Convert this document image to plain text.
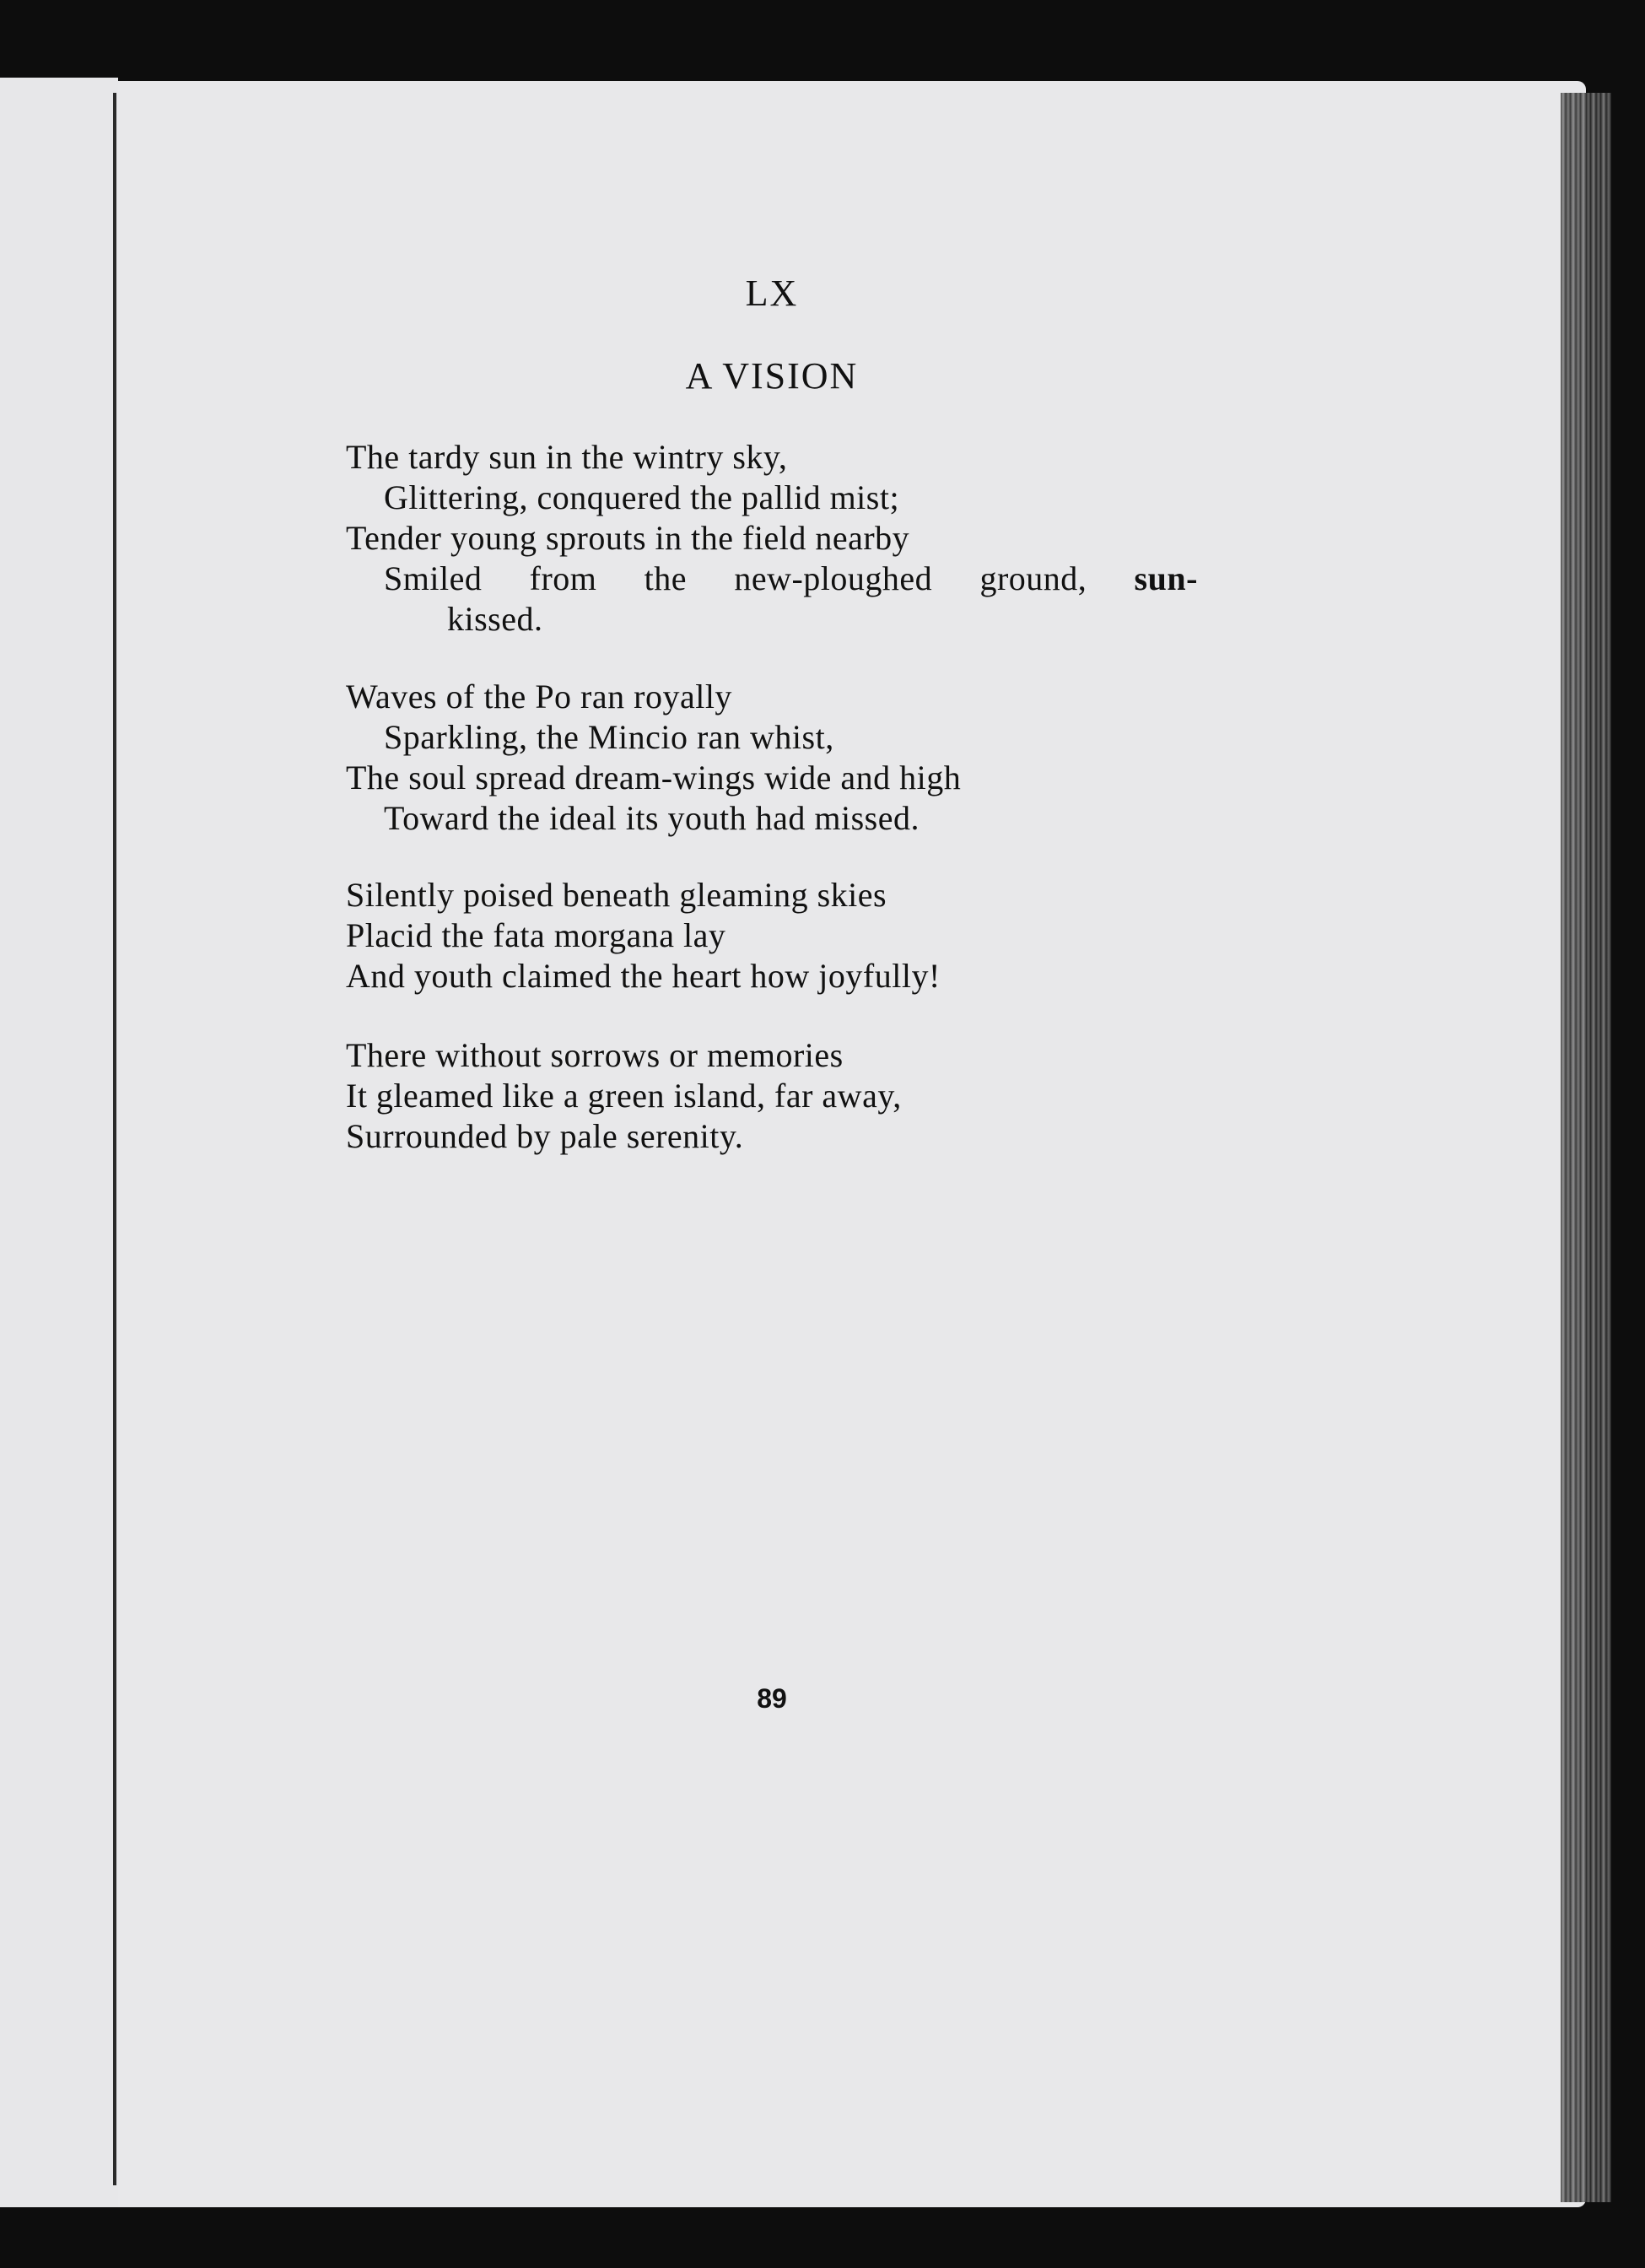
LX
A VISION
The tardy sun in the wintry sky,
Glittering, conquered the pallid mist;
Tender young sprouts in the field nearby
Smiled from the new-ploughed ground, sun-
kissed.
Waves of the Po ran royally
Sparkling, the Mincio ran whist,
The soul spread dream-wings wide and high
Toward the ideal its youth had missed.
Silently poised beneath gleaming skies
Placid the fata morgana lay
And youth claimed the heart how joyfully!
There without sorrows or memories
It gleamed like a green island, far away,
Surrounded by pale serenity.
89
